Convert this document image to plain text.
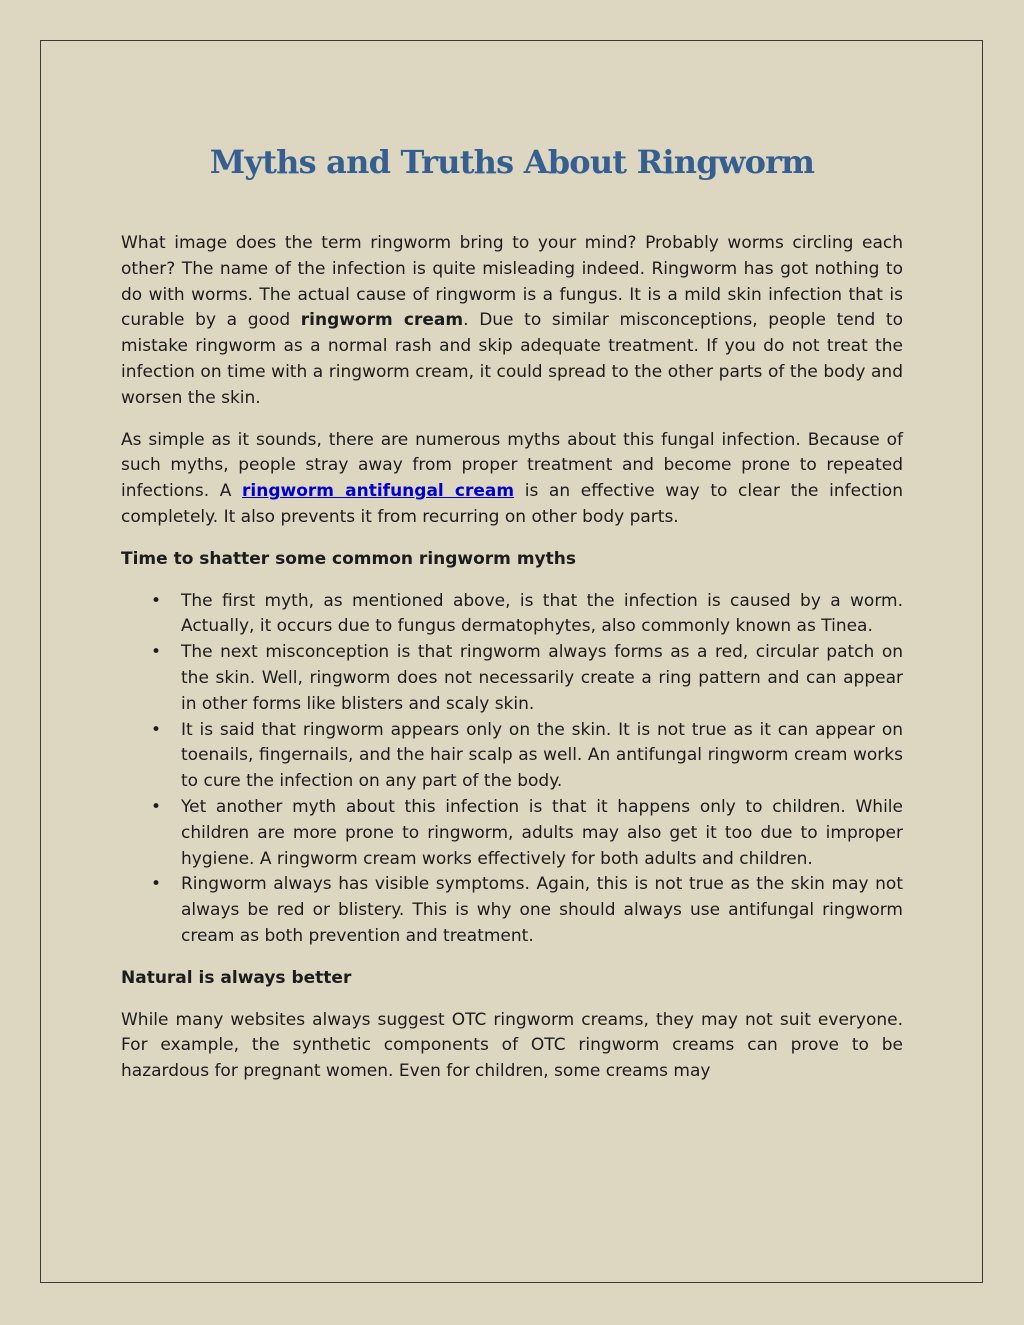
Myths and Truths About Ringworm

What image does the term ringworm bring to your mind? Probably worms circling each other? The name of the infection is quite misleading indeed. Ringworm has got nothing to do with worms. The actual cause of ringworm is a fungus. It is a mild skin infection that is curable by a good ringworm cream. Due to similar misconceptions, people tend to mistake ringworm as a normal rash and skip adequate treatment. If you do not treat the infection on time with a ringworm cream, it could spread to the other parts of the body and worsen the skin.

As simple as it sounds, there are numerous myths about this fungal infection. Because of such myths, people stray away from proper treatment and become prone to repeated infections. A ringworm antifungal cream is an effective way to clear the infection completely. It also prevents it from recurring on other body parts.

Time to shatter some common ringworm myths
• The first myth, as mentioned above, is that the infection is caused by a worm. Actually, it occurs due to fungus dermatophytes, also commonly known as Tinea.
• The next misconception is that ringworm always forms as a red, circular patch on the skin. Well, ringworm does not necessarily create a ring pattern and can appear in other forms like blisters and scaly skin.
• It is said that ringworm appears only on the skin. It is not true as it can appear on toenails, fingernails, and the hair scalp as well. An antifungal ringworm cream works to cure the infection on any part of the body.
• Yet another myth about this infection is that it happens only to children. While children are more prone to ringworm, adults may also get it too due to improper hygiene. A ringworm cream works effectively for both adults and children.
• Ringworm always has visible symptoms. Again, this is not true as the skin may not always be red or blistery. This is why one should always use antifungal ringworm cream as both prevention and treatment.
Natural is always better

While many websites always suggest OTC ringworm creams, they may not suit everyone. For example, the synthetic components of OTC ringworm creams can prove to be hazardous for pregnant women. Even for children, some creams may
